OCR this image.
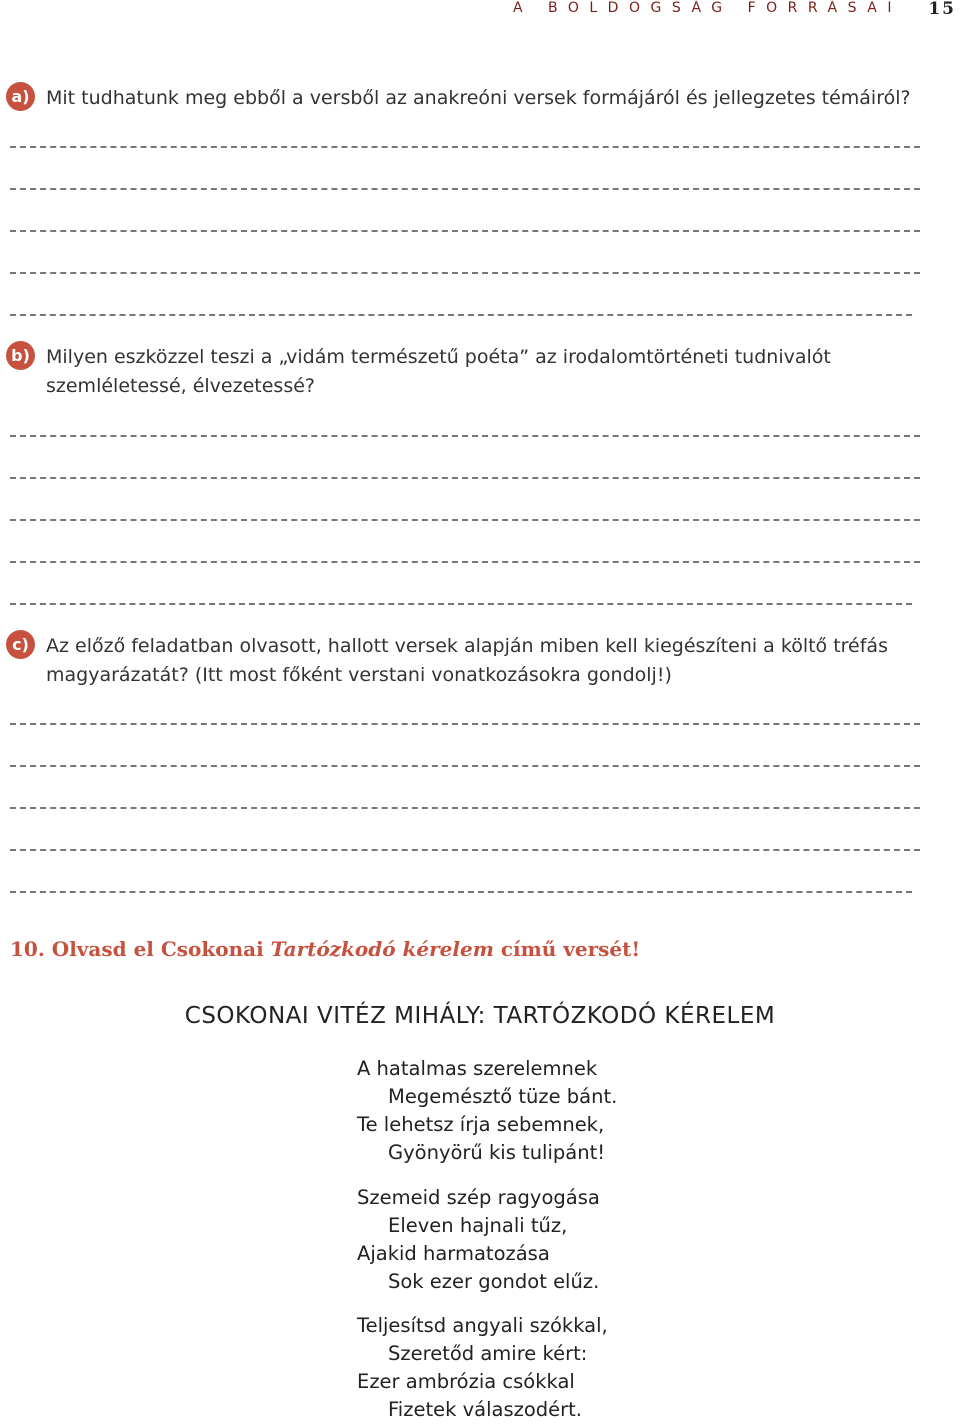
A BOLDOGSÁG FORRÁSAI 15
a) Mit tudhatunk meg ebből a versből az anakreóni versek formájáról és jellegzetes témáiról?
b) Milyen eszközzel teszi a „vidám természetű poéta” az irodalomtörténeti tudnivalót szemléletessé, élvezetessé?
c) Az előző feladatban olvasott, hallott versek alapján miben kell kiegészíteni a költő tréfás magyarázatát? (Itt most főként verstani vonatkozásokra gondolj!)
10. Olvasd el Csokonai Tartózkodó kérelem című versét!
CSOKONAI VITÉZ MIHÁLY: TARTÓZKODÓ KÉRELEM
A hatalmas szerelemnek
Megemésztő tüze bánt.
Te lehetsz írja sebemnek,
Gyönyörű kis tulipánt!
Szemeid szép ragyogása
Eleven hajnali tűz,
Ajakid harmatozása
Sok ezer gondot elűz.
Teljesítsd angyali szókkal,
Szeretőd amire kért:
Ezer ambrózia csókkal
Fizetek válaszodért.
